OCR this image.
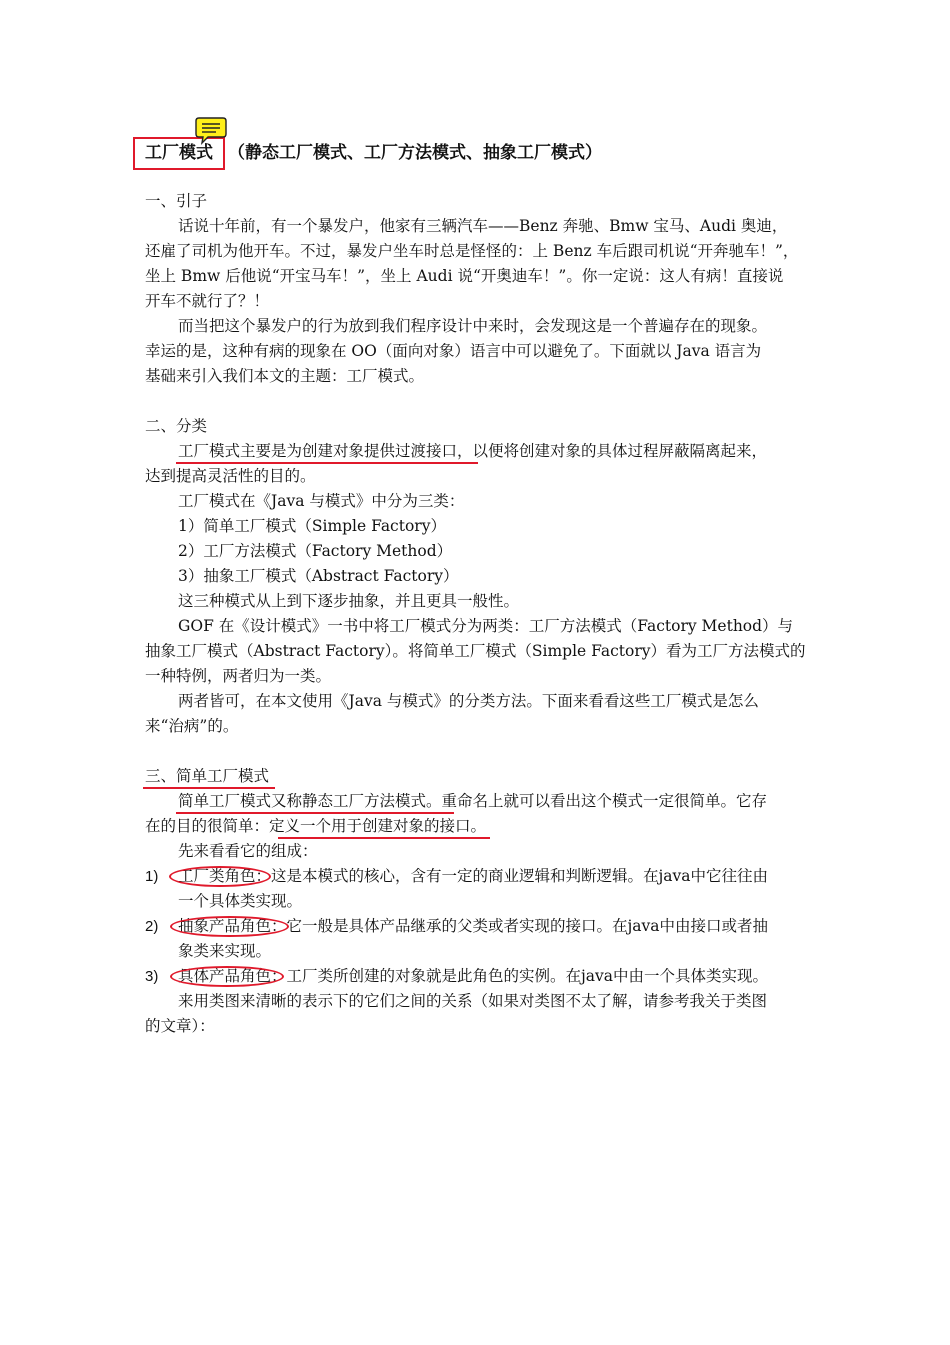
工厂模式 （静态工厂模式、工厂方法模式、抽象工厂模式）
一、引子
话说十年前，有一个暴发户，他家有三辆汽车——Benz 奔驰、Bmw 宝马、Audi 奥迪，
还雇了司机为他开车。不过，暴发户坐车时总是怪怪的：上 Benz 车后跟司机说“开奔驰车！”，
坐上 Bmw 后他说“开宝马车！”，坐上 Audi 说“开奥迪车！”。你一定说：这人有病！直接说
开车不就行了？！
而当把这个暴发户的行为放到我们程序设计中来时，会发现这是一个普遍存在的现象。
幸运的是，这种有病的现象在 OO（面向对象）语言中可以避免了。下面就以 Java 语言为
基础来引入我们本文的主题：工厂模式。
二、分类
工厂模式主要是为创建对象提供过渡接口，以便将创建对象的具体过程屏蔽隔离起来，
达到提高灵活性的目的。
工厂模式在《Java 与模式》中分为三类：
1）简单工厂模式（Simple Factory）
2）工厂方法模式（Factory Method）
3）抽象工厂模式（Abstract Factory）
这三种模式从上到下逐步抽象，并且更具一般性。
GOF 在《设计模式》一书中将工厂模式分为两类：工厂方法模式（Factory Method）与
抽象工厂模式（Abstract Factory）。将简单工厂模式（Simple Factory）看为工厂方法模式的
一种特例，两者归为一类。
两者皆可，在本文使用《Java 与模式》的分类方法。下面来看看这些工厂模式是怎么
来“治病”的。
三、简单工厂模式
简单工厂模式又称静态工厂方法模式。重命名上就可以看出这个模式一定很简单。它存
在的目的很简单：定义一个用于创建对象的接口。
先来看看它的组成：
1) 工厂类角色：这是本模式的核心，含有一定的商业逻辑和判断逻辑。在java中它往往由
一个具体类实现。
2) 抽象产品角色：它一般是具体产品继承的父类或者实现的接口。在java中由接口或者抽
象类来实现。
3) 具体产品角色：工厂类所创建的对象就是此角色的实例。在java中由一个具体类实现。
来用类图来清晰的表示下的它们之间的关系（如果对类图不太了解，请参考我关于类图
的文章）：
